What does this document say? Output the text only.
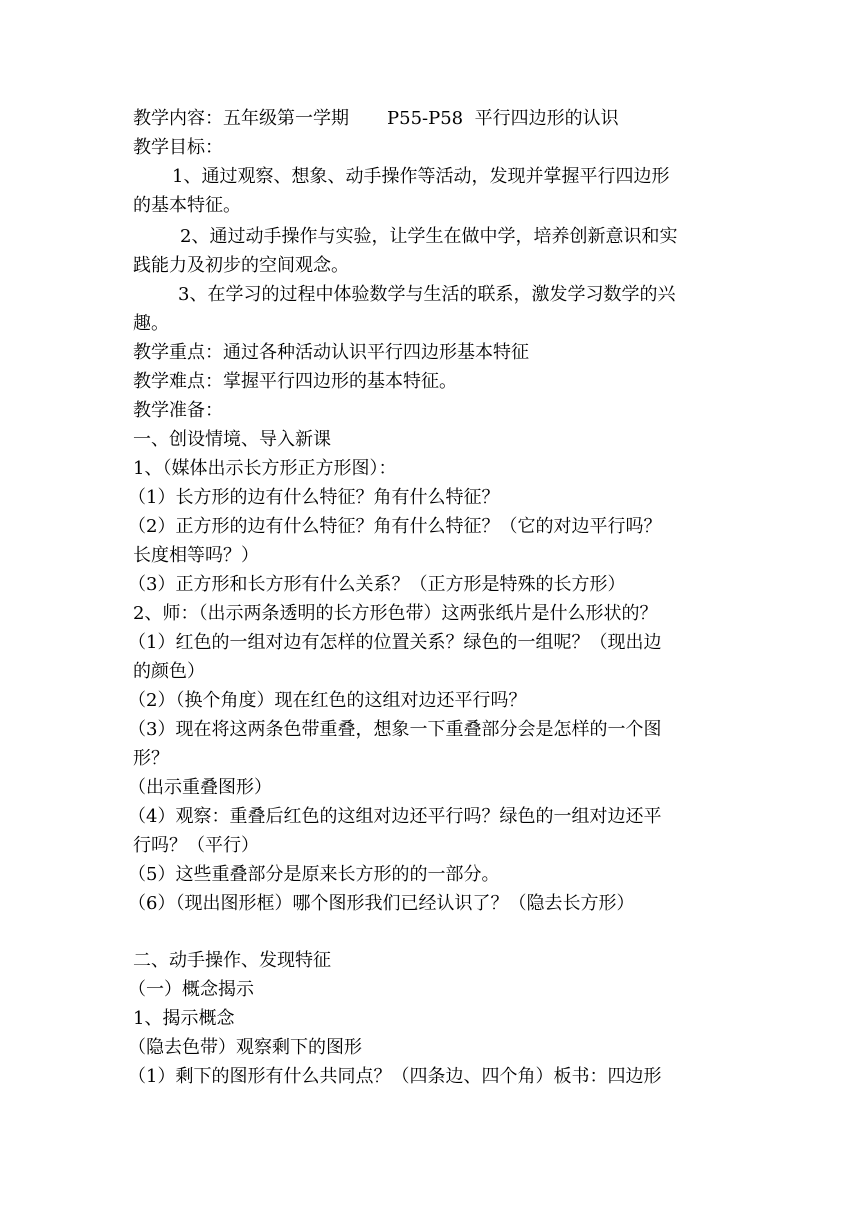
教学内容：五年级第一学期 P55-P58 平行四边形的认识
教学目标：
1、通过观察、想象、动手操作等活动，发现并掌握平行四边形
的基本特征。
2、通过动手操作与实验，让学生在做中学，培养创新意识和实
践能力及初步的空间观念。
3、在学习的过程中体验数学与生活的联系，激发学习数学的兴
趣。
教学重点：通过各种活动认识平行四边形基本特征
教学难点：掌握平行四边形的基本特征。
教学准备：
一、创设情境、导入新课
1、（媒体出示长方形正方形图）：
（1）长方形的边有什么特征？角有什么特征？
（2）正方形的边有什么特征？角有什么特征？（它的对边平行吗？
长度相等吗？）
（3）正方形和长方形有什么关系？（正方形是特殊的长方形）
2、师：（出示两条透明的长方形色带）这两张纸片是什么形状的？
（1）红色的一组对边有怎样的位置关系？绿色的一组呢？（现出边
的颜色）
（2）（换个角度）现在红色的这组对边还平行吗？
（3）现在将这两条色带重叠，想象一下重叠部分会是怎样的一个图
形？
（出示重叠图形）
（4）观察：重叠后红色的这组对边还平行吗？绿色的一组对边还平
行吗？（平行）
（5）这些重叠部分是原来长方形的的一部分。
（6）（现出图形框）哪个图形我们已经认识了？（隐去长方形）
二、动手操作、发现特征
（一）概念揭示
1、揭示概念
（隐去色带）观察剩下的图形
（1）剩下的图形有什么共同点？（四条边、四个角）板书：四边形
